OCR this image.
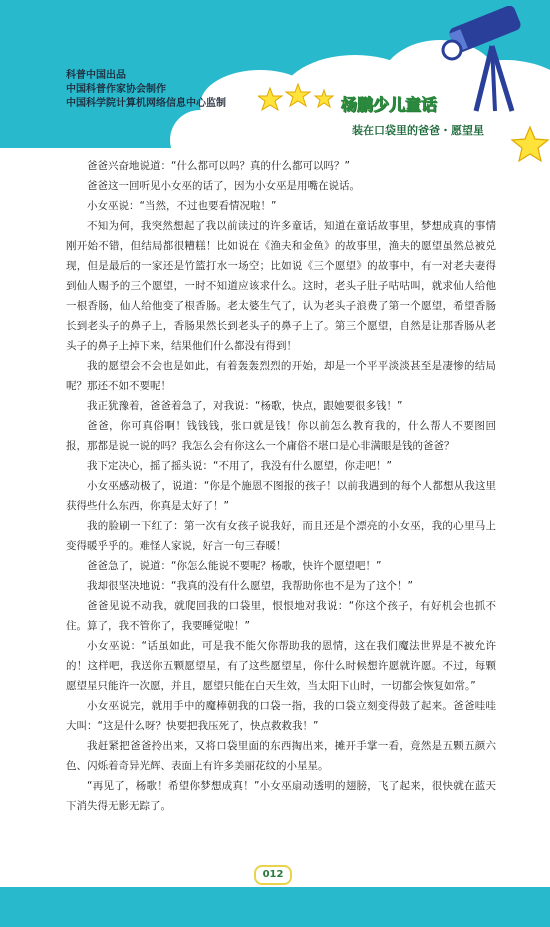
科普中国出品
中国科普作家协会制作
中国科学院计算机网络信息中心监制	杨鹏少儿童话
装在口袋里的爸爸・愿望星

爸爸兴奋地说道：“什么都可以吗？真的什么都可以吗？”

爸爸这一回听见小女巫的话了，因为小女巫是用嘴在说话。

小女巫说：“当然，不过也要看情况啦！”

不知为何，我突然想起了我以前读过的许多童话，知道在童话故事里，梦想成真的事情刚开始不错，但结局都很糟糕！比如说在《渔夫和金鱼》的故事里，渔夫的愿望虽然总被兑现，但是最后的一家还是竹篮打水一场空；比如说《三个愿望》的故事中，有一对老夫妻得到仙人赐予的三个愿望，一时不知道应该求什么。这时，老头子肚子咕咕叫，就求仙人给他一根香肠，仙人给他变了根香肠。老太婆生气了，认为老头子浪费了第一个愿望，希望香肠长到老头子的鼻子上，香肠果然长到老头子的鼻子上了。第三个愿望，自然是让那香肠从老头子的鼻子上掉下来，结果他们什么都没有得到！

我的愿望会不会也是如此，有着轰轰烈烈的开始，却是一个平平淡淡甚至是凄惨的结局呢？那还不如不要呢！

我正犹豫着，爸爸着急了，对我说：“杨歌，快点，跟她要很多钱！”

爸爸，你可真俗啊！钱钱钱，张口就是钱！你以前怎么教育我的，什么帮人不要图回报，那都是说一说的吗？我怎么会有你这么一个庸俗不堪口是心非满眼是钱的爸爸？

我下定决心，摇了摇头说：“不用了，我没有什么愿望，你走吧！”

小女巫感动极了，说道：“你是个施恩不图报的孩子！以前我遇到的每个人都想从我这里获得些什么东西，你真是太好了！”

我的脸刷一下红了：第一次有女孩子说我好，而且还是个漂亮的小女巫，我的心里马上变得暖乎乎的。难怪人家说，好言一句三春暖！

爸爸急了，说道：“你怎么能说不要呢？杨歌，快许个愿望吧！”

我却很坚决地说：“我真的没有什么愿望，我帮助你也不是为了这个！”

爸爸见说不动我，就爬回我的口袋里，恨恨地对我说：“你这个孩子，有好机会也抓不住。算了，我不管你了，我要睡觉啦！”

小女巫说：“话虽如此，可是我不能欠你帮助我的恩情，这在我们魔法世界是不被允许的！这样吧，我送你五颗愿望星，有了这些愿望星，你什么时候想许愿就许愿。不过，每颗愿望星只能许一次愿，并且，愿望只能在白天生效，当太阳下山时，一切都会恢复如常。”

小女巫说完，就用手中的魔棒朝我的口袋一指，我的口袋立刻变得鼓了起来。爸爸哇哇大叫：“这是什么呀？快要把我压死了，快点救救我！”

我赶紧把爸爸拎出来，又将口袋里面的东西掏出来，摊开手掌一看，竟然是五颗五颜六色、闪烁着奇异光辉、表面上有许多美丽花纹的小星星。

“再见了，杨歌！希望你梦想成真！”小女巫扇动透明的翅膀，飞了起来，很快就在蓝天下消失得无影无踪了。

012
